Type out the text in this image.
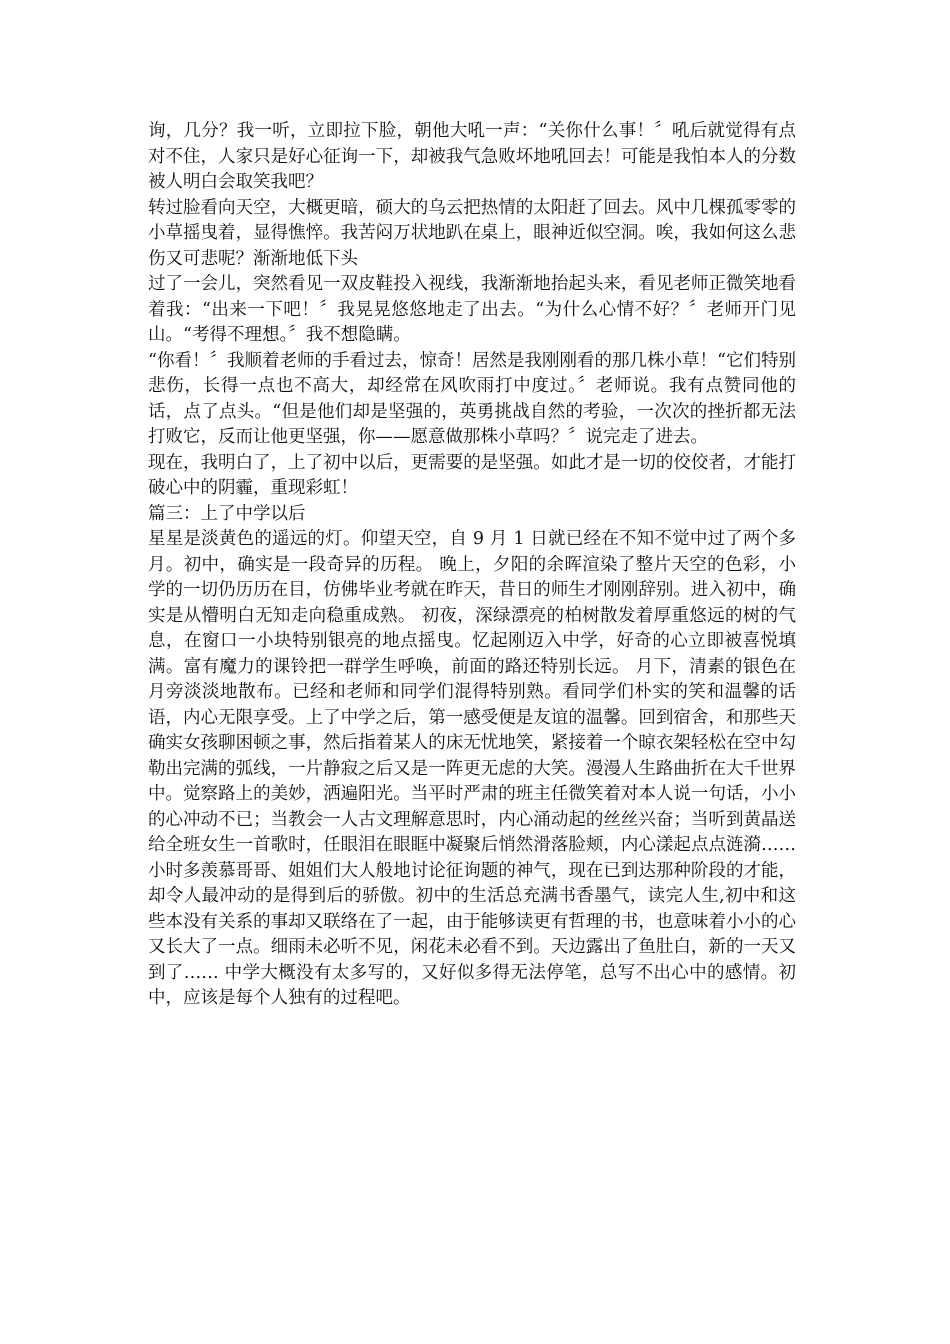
询，几分？我一听，立即拉下脸，朝他大吼一声：“关你什么事！〞吼后就觉得有点对不住，人家只是好心征询一下，却被我气急败坏地吼回去！可能是我怕本人的分数被人明白会取笑我吧？

转过脸看向天空，大概更暗，硕大的乌云把热情的太阳赶了回去。风中几棵孤零零的小草摇曳着，显得憔悴。我苦闷万状地趴在桌上，眼神近似空洞。唉，我如何这么悲伤又可悲呢？渐渐地低下头

过了一会儿，突然看见一双皮鞋投入视线，我渐渐地抬起头来，看见老师正微笑地看着我：“出来一下吧！〞我晃晃悠悠地走了出去。“为什么心情不好？〞老师开门见山。“考得不理想。〞我不想隐瞒。

“你看！〞我顺着老师的手看过去，惊奇！居然是我刚刚看的那几株小草！“它们特别悲伤，长得一点也不高大，却经常在风吹雨打中度过。〞老师说。我有点赞同他的话，点了点头。“但是他们却是坚强的，英勇挑战自然的考验，一次次的挫折都无法打败它，反而让他更坚强，你——愿意做那株小草吗？〞说完走了进去。

现在，我明白了，上了初中以后，更需要的是坚强。如此才是一切的佼佼者，才能打破心中的阴霾，重现彩虹！

篇三：上了中学以后

星星是淡黄色的遥远的灯。仰望天空，自 9 月 1 日就已经在不知不觉中过了两个多月。初中，确实是一段奇异的历程。 晚上，夕阳的余晖渲染了整片天空的色彩，小学的一切仍历历在目，仿佛毕业考就在昨天，昔日的师生才刚刚辞别。进入初中，确实是从懵明白无知走向稳重成熟。 初夜，深绿漂亮的柏树散发着厚重悠远的树的气息，在窗口一小块特别银亮的地点摇曳。忆起刚迈入中学，好奇的心立即被喜悦填满。富有魔力的课铃把一群学生呼唤，前面的路还特别长远。 月下，清素的银色在月旁淡淡地散布。已经和老师和同学们混得特别熟。看同学们朴实的笑和温馨的话语，内心无限享受。上了中学之后，第一感受便是友谊的温馨。回到宿舍，和那些天确实女孩聊困顿之事，然后指着某人的床无忧地笑，紧接着一个晾衣架轻松在空中勾勒出完满的弧线，一片静寂之后又是一阵更无虑的大笑。漫漫人生路曲折在大千世界中。觉察路上的美妙，洒遍阳光。当平时严肃的班主任微笑着对本人说一句话，小小的心冲动不已；当教会一人古文理解意思时，内心涌动起的丝丝兴奋；当听到黄晶送给全班女生一首歌时，任眼泪在眼眶中凝聚后悄然滑落脸颊，内心漾起点点涟漪……小时多羡慕哥哥、姐姐们大人般地讨论征询题的神气，现在已到达那种阶段的才能，却令人最冲动的是得到后的骄傲。初中的生活总充满书香墨气，读完人生,初中和这些本没有关系的事却又联络在了一起，由于能够读更有哲理的书，也意味着小小的心又长大了一点。细雨未必听不见，闲花未必看不到。天边露出了鱼肚白，新的一天又到了…… 中学大概没有太多写的，又好似多得无法停笔，总写不出心中的感情。初中，应该是每个人独有的过程吧。
